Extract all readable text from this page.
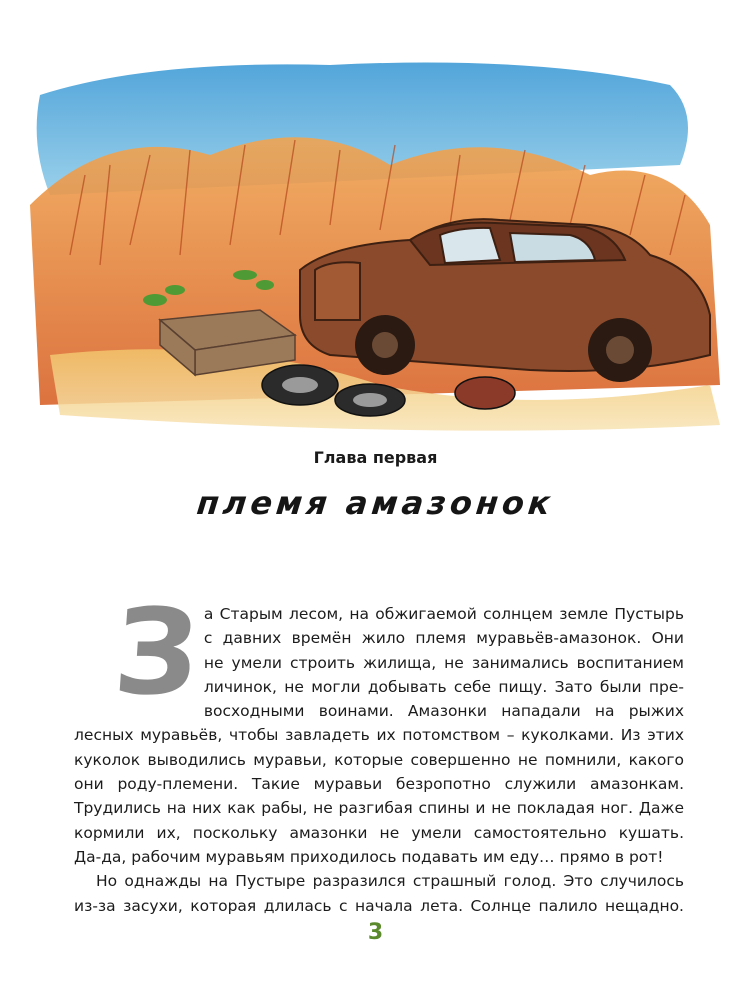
Глава первая
племя амазонок
З а Старым лесом, на обжигаемой солнцем земле Пустырь
с давних времён жило племя муравьёв-амазонок. Они
не умели строить жилища, не занимались воспитанием
личинок, не могли добывать себе пищу. Зато были пре-
восходными воинами. Амазонки нападали на рыжих
лесных муравьёв, чтобы завладеть их потомством – куколками. Из этих
куколок выводились муравьи, которые совершенно не помнили, какого
они роду-племени. Такие муравьи безропотно служили амазонкам.
Трудились на них как рабы, не разгибая спины и не покладая ног. Даже
кормили их, поскольку амазонки не умели самостоятельно кушать.
Да-да, рабочим муравьям приходилось подавать им еду… прямо в рот!
Но однажды на Пустыре разразился страшный голод. Это случилось
из-за засухи, которая длилась с начала лета. Солнце палило нещадно.
3
